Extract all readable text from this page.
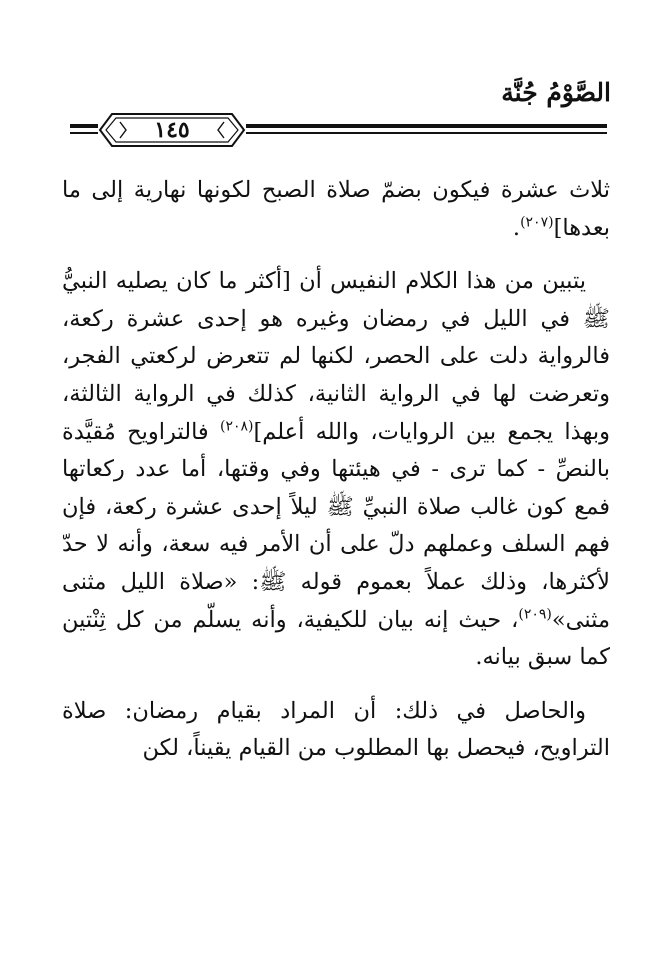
الصَّوْمُ جُنَّة
١٤٥

ثلاث عشرة فيكون بضمّ صلاة الصبح لكونها نهارية إلى ما بعدها]$^{(٢٠٧)}$.

يتبين من هذا الكلام النفيس أن [أكثر ما كان يصليه النبيُّ ﷺ في الليل في رمضان وغيره هو إحدى عشرة ركعة، فالرواية دلت على الحصر، لكنها لم تتعرض لركعتي الفجر، وتعرضت لها في الرواية الثانية، كذلك في الرواية الثالثة، وبهذا يجمع بين الروايات، والله أعلم]$^{(٢٠٨)}$ فالتراويح مُقيَّدة بالنصِّ - كما ترى - في هيئتها وفي وقتها، أما عدد ركعاتها فمع كون غالب صلاة النبيِّ ﷺ ليلاً إحدى عشرة ركعة، فإن فهم السلف وعملهم دلّ على أن الأمر فيه سعة، وأنه لا حدّ لأكثرها، وذلك عملاً بعموم قوله ﷺ: «صلاة الليل مثنى مثنى»$^{(٢٠٩)}$، حيث إنه بيان للكيفية، وأنه يسلّم من كل ثِنْتين كما سبق بيانه.

والحاصل في ذلك: أن المراد بقيام رمضان: صلاة التراويح، فيحصل بها المطلوب من القيام يقيناً، لكن
